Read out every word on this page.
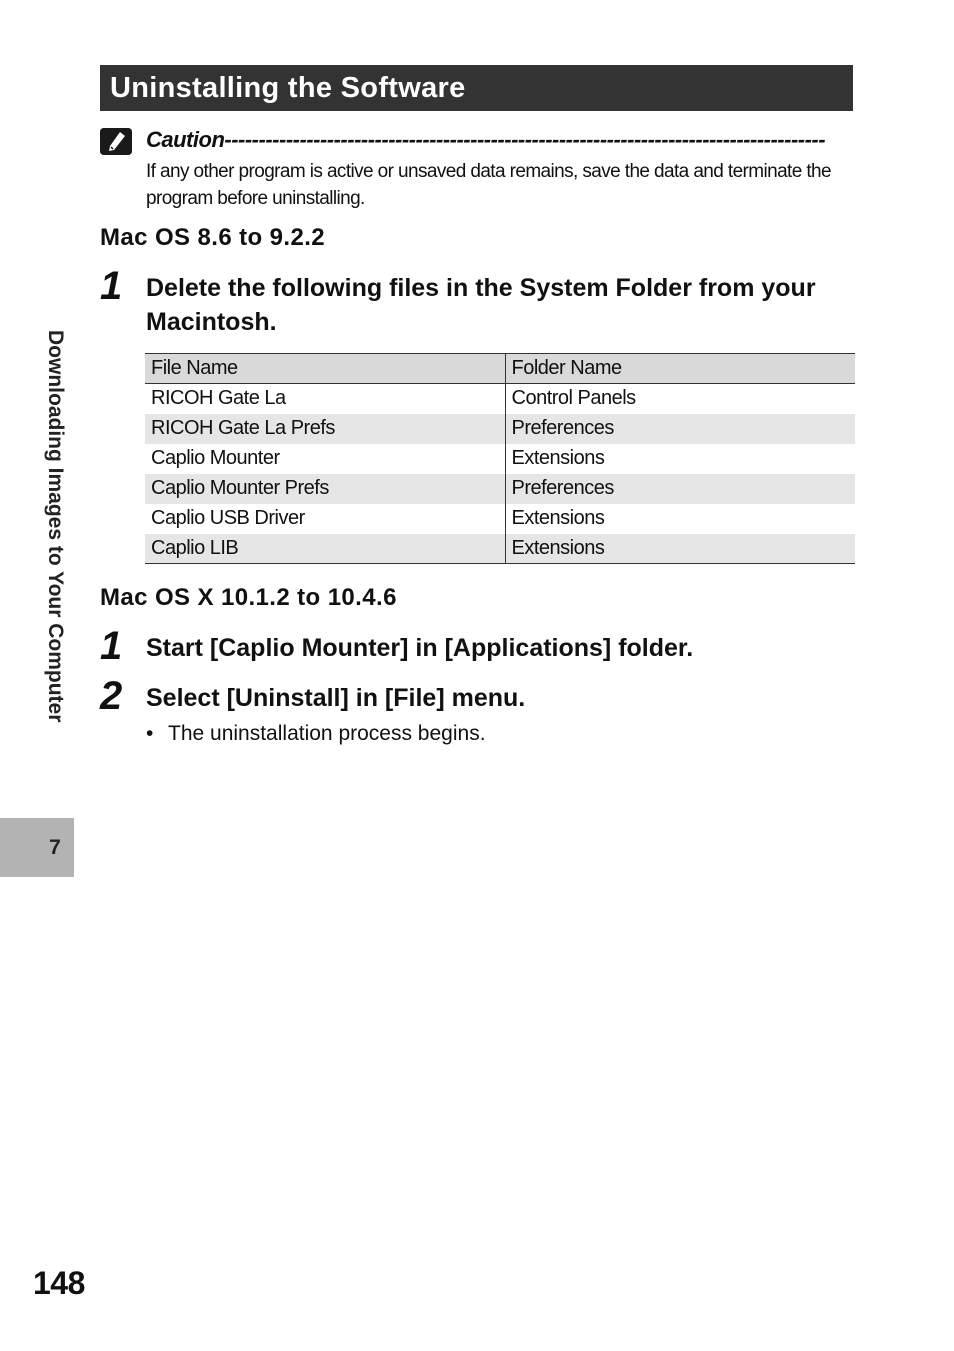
Uninstalling the Software
Caution----------------------------------------------------------------------------------------
If any other program is active or unsaved data remains, save the data and terminate the program before uninstalling.
Mac OS 8.6 to 9.2.2
1 Delete the following files in the System Folder from your Macintosh.
File Name	Folder Name
RICOH Gate La	Control Panels
RICOH Gate La Prefs	Preferences
Caplio Mounter	Extensions
Caplio Mounter Prefs	Preferences
Caplio USB Driver	Extensions
Caplio LIB	Extensions
Mac OS X 10.1.2 to 10.4.6
1 Start [Caplio Mounter] in [Applications] folder.
2 Select [Uninstall] in [File] menu.
• The uninstallation process begins.
Downloading Images to Your Computer
7
148
